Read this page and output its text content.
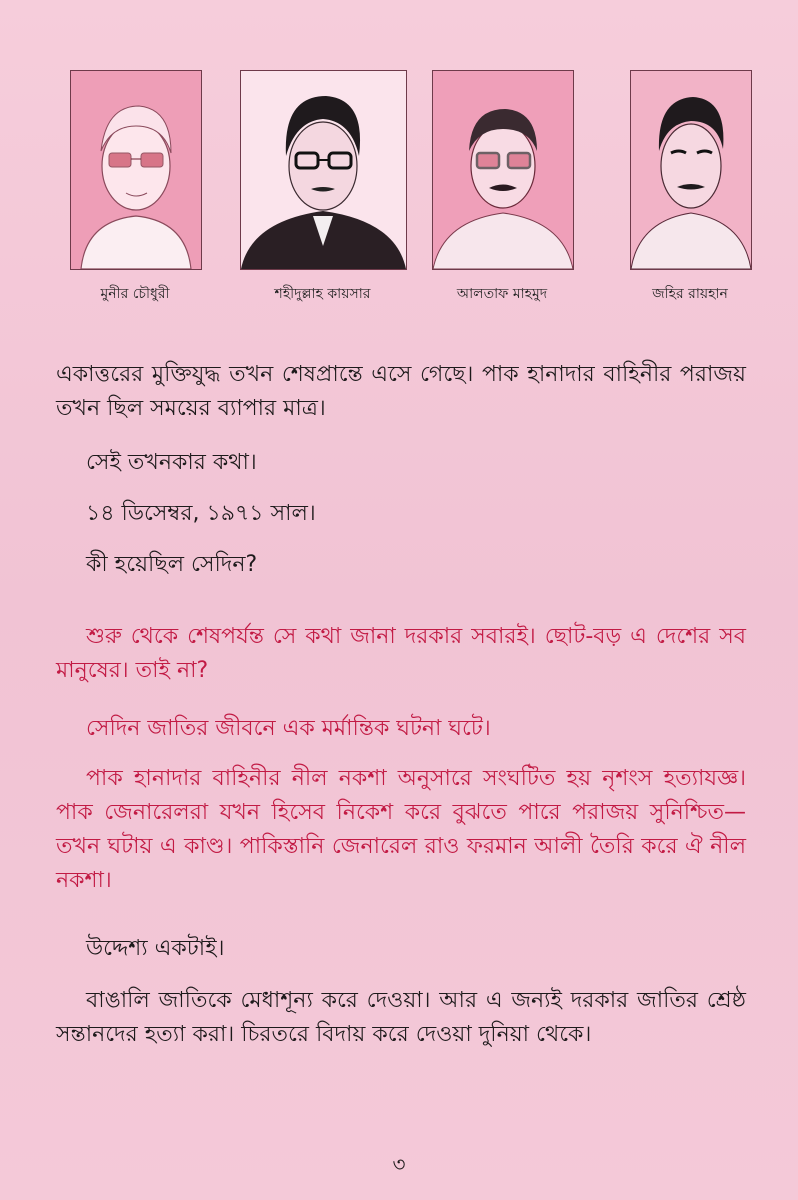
মুনীর চৌধুরী	শহীদুল্লাহ কায়সার	আলতাফ মাহমুদ	জহির রায়হান

একাত্তরের মুক্তিযুদ্ধ তখন শেষপ্রান্তে এসে গেছে। পাক হানাদার বাহিনীর পরাজয় তখন ছিল সময়ের ব্যাপার মাত্র।

সেই তখনকার কথা।

১৪ ডিসেম্বর, ১৯৭১ সাল।

কী হয়েছিল সেদিন?

শুরু থেকে শেষপর্যন্ত সে কথা জানা দরকার সবারই। ছোট-বড় এ দেশের সব মানুষের। তাই না?

সেদিন জাতির জীবনে এক মর্মান্তিক ঘটনা ঘটে।

পাক হানাদার বাহিনীর নীল নকশা অনুসারে সংঘটিত হয় নৃশংস হত্যাযজ্ঞ। পাক জেনারেলরা যখন হিসেব নিকেশ করে বুঝতে পারে পরাজয় সুনিশ্চিত—তখন ঘটায় এ কাণ্ড। পাকিস্তানি জেনারেল রাও ফরমান আলী তৈরি করে ঐ নীল নকশা।

উদ্দেশ্য একটাই।

বাঙালি জাতিকে মেধাশূন্য করে দেওয়া। আর এ জন্যই দরকার জাতির শ্রেষ্ঠ সন্তানদের হত্যা করা। চিরতরে বিদায় করে দেওয়া দুনিয়া থেকে।

৩
